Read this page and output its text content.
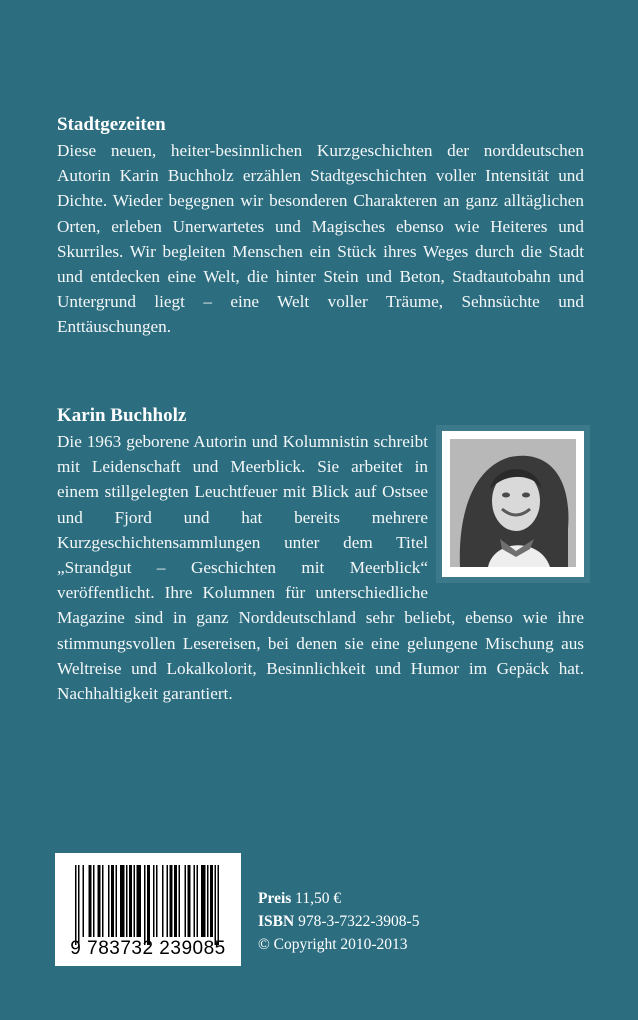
Stadtgezeiten
Diese neuen, heiter-besinnlichen Kurzgeschichten der norddeutschen Autorin Karin Buchholz erzählen Stadtgeschichten voller Intensität und Dichte. Wieder begegnen wir besonderen Charakteren an ganz alltäglichen Orten, erleben Unerwartetes und Magisches ebenso wie Heiteres und Skurriles. Wir begleiten Menschen ein Stück ihres Weges durch die Stadt und entdecken eine Welt, die hinter Stein und Beton, Stadtautobahn und Untergrund liegt – eine Welt voller Träume, Sehnsüchte und Enttäuschungen.
Karin Buchholz
Die 1963 geborene Autorin und Kolumnistin schreibt mit Leidenschaft und Meerblick. Sie arbeitet in einem stillgelegten Leuchtfeuer mit Blick auf Ostsee und Fjord und hat bereits mehrere Kurzgeschichtensammlungen unter dem Titel „Strandgut – Geschichten mit Meerblick“ veröffentlicht. Ihre Kolumnen für unterschiedliche Magazine sind in ganz Norddeutschland sehr beliebt, ebenso wie ihre stimmungsvollen Lesereisen, bei denen sie eine gelungene Mischung aus Weltreise und Lokalkolorit, Besinnlichkeit und Humor im Gepäck hat. Nachhaltigkeit garantiert.
9 783732 239085
Preis 11,50 €
ISBN 978-3-7322-3908-5
© Copyright 2010-2013
